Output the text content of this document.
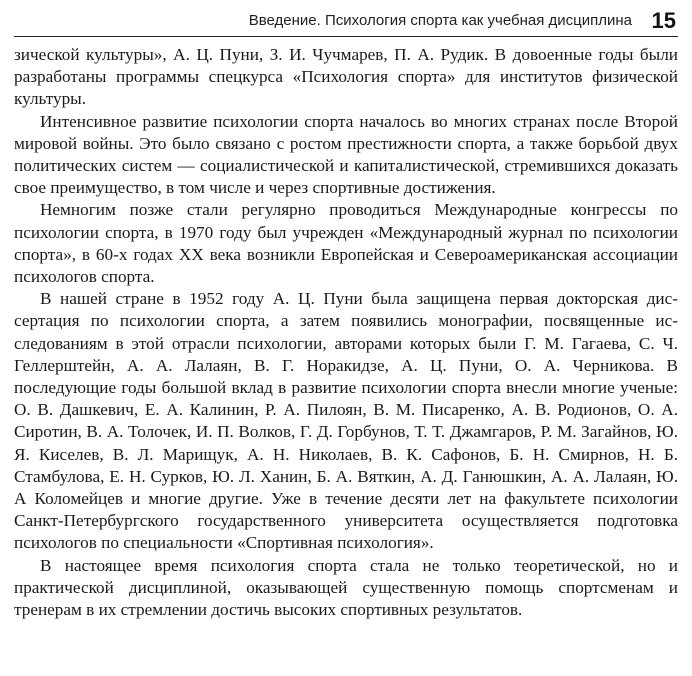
Введение. Психология спорта как учебная дисциплина 15

зической культуры», А. Ц. Пуни, З. И. Чучмарев, П. А. Рудик. В довоенные годы были разработаны программы спецкурса «Психология спорта» для институтов физической культуры.

Интенсивное развитие психологии спорта началось во многих странах после Второй мировой войны. Это было связано с ростом престижности спорта, а также борьбой двух политических систем — социалистической и капиталистической, стремившихся доказать свое преимущество, в том числе и через спортивные достижения.

Немногим позже стали регулярно проводиться Международные конгрессы по психологии спорта, в 1970 году был учрежден «Международный журнал по психологии спорта», в 60-х годах XX века возникли Европейская и Североамериканская ассоциации психологов спорта.

В нашей стране в 1952 году А. Ц. Пуни была защищена первая докторская диссертация по психологии спорта, а затем появились монографии, посвященные исследованиям в этой отрасли психологии, авторами которых были Г. М. Гагаева, С. Ч. Геллерштейн, А. А. Лалаян, В. Г. Норакидзе, А. Ц. Пуни, О. А. Черникова. В последующие годы большой вклад в развитие психологии спорта внесли многие ученые: О. В. Дашкевич, Е. А. Калинин, Р. А. Пилоян, В. М. Писаренко, А. В. Родионов, О. А. Сиротин, В. А. Толочек, И. П. Волков, Г. Д. Горбунов, Т. Т. Джамгаров, Р. М. Загайнов, Ю. Я. Киселев, В. Л. Марищук, А. Н. Николаев, В. К. Сафонов, Б. Н. Смирнов, Н. Б. Стамбулова, Е. Н. Сурков, Ю. Л. Ханин, Б. А. Вяткин, А. Д. Ганюшкин, А. А. Лалаян, Ю. А Коломейцев и многие другие. Уже в течение десяти лет на факультете психологии Санкт-Петербургского государственного университета осуществляется подготовка психологов по специальности «Спортивная психология».

В настоящее время психология спорта стала не только теоретической, но и практической дисциплиной, оказывающей существенную помощь спортсменам и тренерам в их стремлении достичь высоких спортивных результатов.
